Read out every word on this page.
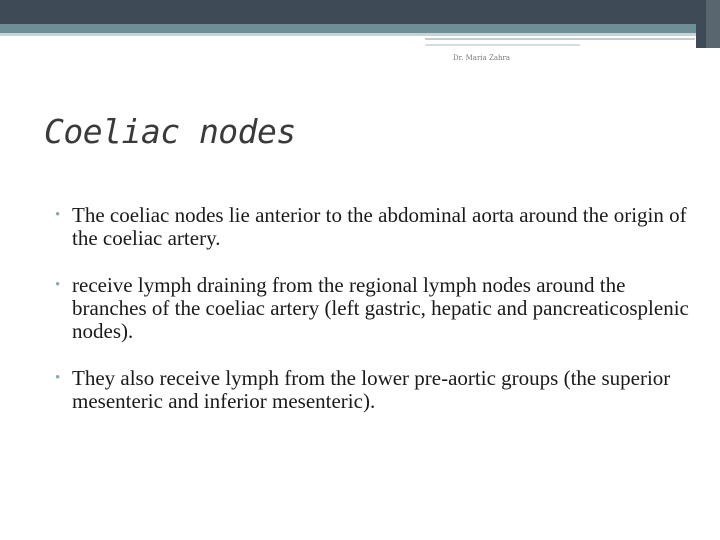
Dr. Maria Zahra
Coeliac nodes
• The coeliac nodes lie anterior to the abdominal aorta around the origin of the coeliac artery.
• receive lymph draining from the regional lymph nodes around the branches of the coeliac artery (left gastric, hepatic and pancreaticosplenic nodes).
• They also receive lymph from the lower pre-aortic groups (the superior mesenteric and inferior mesenteric).
